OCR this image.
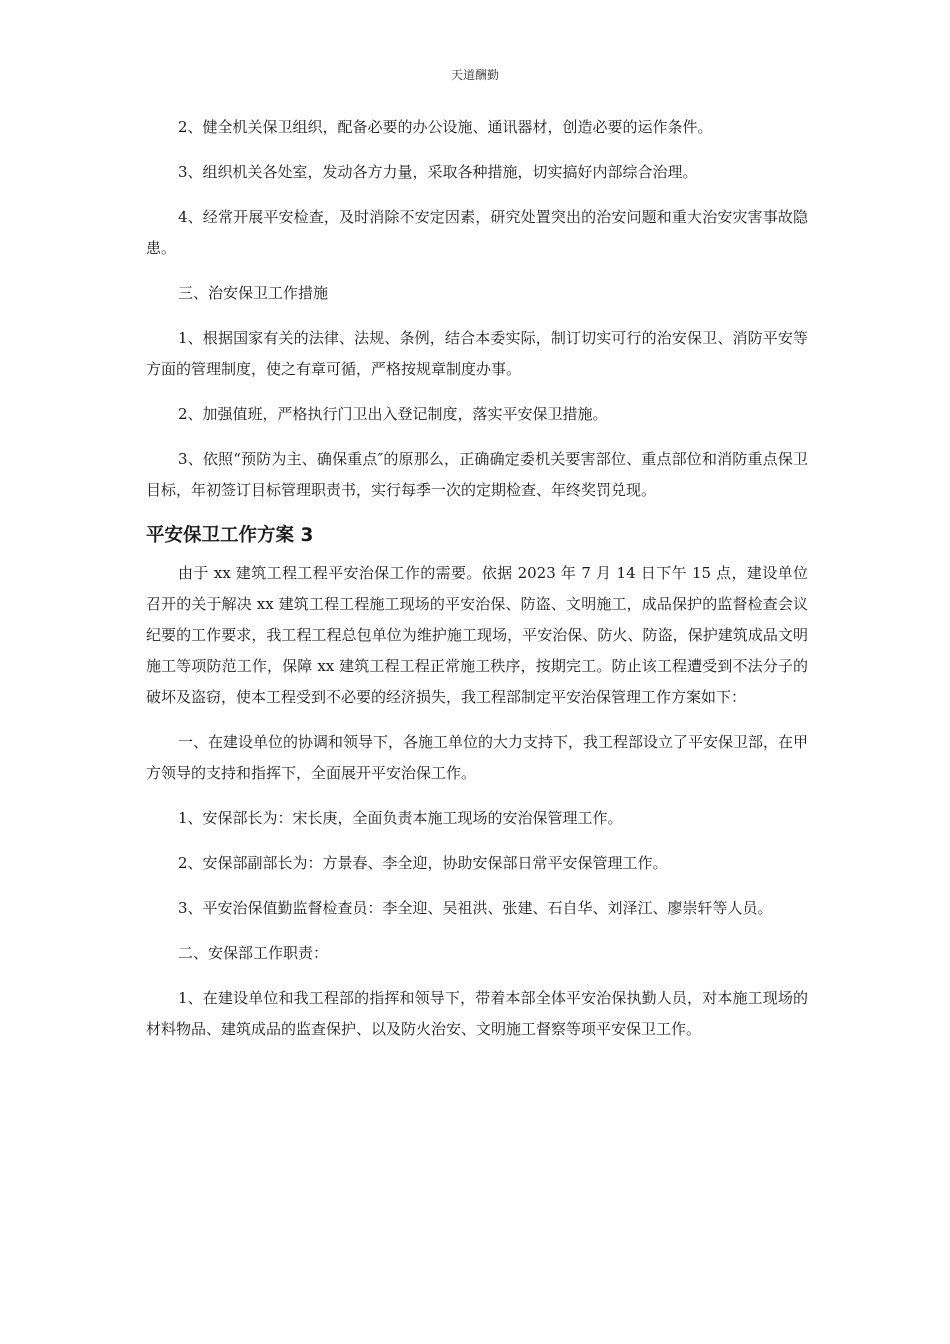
天道酬勤

2、健全机关保卫组织，配备必要的办公设施、通讯器材，创造必要的运作条件。

3、组织机关各处室，发动各方力量，采取各种措施，切实搞好内部综合治理。

4、经常开展平安检查，及时消除不安定因素，研究处置突出的治安问题和重大治安灾害事故隐患。

三、治安保卫工作措施

1、根据国家有关的法律、法规、条例，结合本委实际，制订切实可行的治安保卫、消防平安等方面的管理制度，使之有章可循，严格按规章制度办事。

2、加强值班，严格执行门卫出入登记制度，落实平安保卫措施。

3、依照“预防为主、确保重点″的原那么，正确确定委机关要害部位、重点部位和消防重点保卫目标，年初签订目标管理职责书，实行每季一次的定期检查、年终奖罚兑现。

平安保卫工作方案 3

由于 xx 建筑工程工程平安治保工作的需要。依据 2023 年 7 月 14 日下午 15 点，建设单位召开的关于解决 xx 建筑工程工程施工现场的平安治保、防盗、文明施工，成品保护的监督检查会议纪要的工作要求，我工程工程总包单位为维护施工现场，平安治保、防火、防盗，保护建筑成品文明施工等项防范工作，保障 xx 建筑工程工程正常施工秩序，按期完工。防止该工程遭受到不法分子的破坏及盗窃，使本工程受到不必要的经济损失，我工程部制定平安治保管理工作方案如下：

一、在建设单位的协调和领导下，各施工单位的大力支持下，我工程部设立了平安保卫部，在甲方领导的支持和指挥下，全面展开平安治保工作。

1、安保部长为：宋长庚，全面负责本施工现场的安治保管理工作。

2、安保部副部长为：方景春、李全迎，协助安保部日常平安保管理工作。

3、平安治保值勤监督检查员：李全迎、吴祖洪、张建、石自华、刘泽江、廖崇轩等人员。

二、安保部工作职责：

1、在建设单位和我工程部的指挥和领导下，带着本部全体平安治保执勤人员，对本施工现场的材料物品、建筑成品的监查保护、以及防火治安、文明施工督察等项平安保卫工作。
